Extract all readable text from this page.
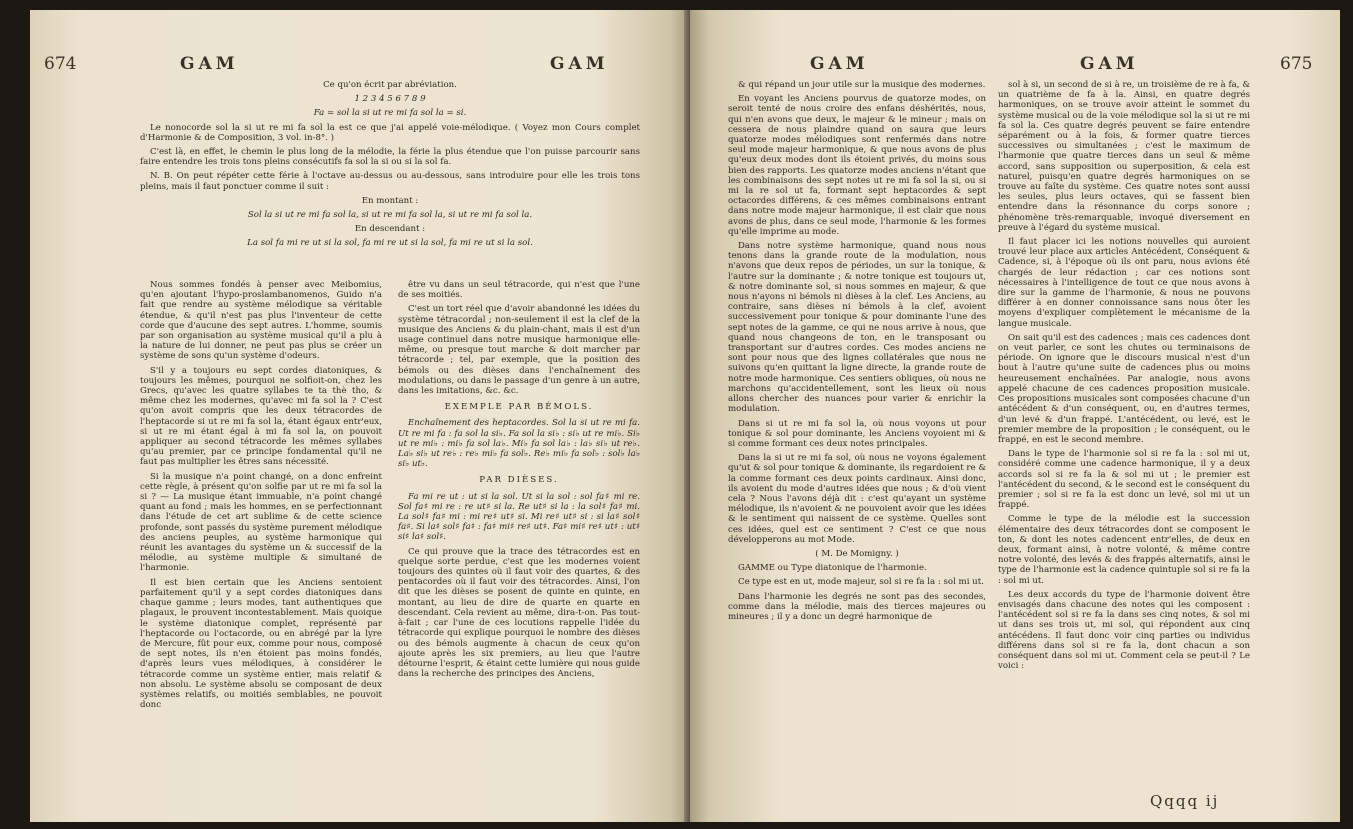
674	GAM	GAM

Ce qu'on écrit par abréviation.

1 2 3 4 5 6 7 8 9

Fa = sol la si ut re mi fa sol la = si.

Le nonocorde sol la si ut re mi fa sol la est ce que j'ai appelé voie-mélodique. ( Voyez mon Cours complet d'Harmonie & de Composition, 3 vol. in-8°. )

C'est là, en effet, le chemin le plus long de la mélodie, la férie la plus étendue que l'on puisse parcourir sans faire entendre les trois tons pleins consécutifs fa sol la si ou si la sol fa.

N. B. On peut répéter cette férie à l'octave au-dessus ou au-dessous, sans introduire pour elle les trois tons pleins, mais il faut ponctuer comme il suit :

En montant :

Sol la si ut re mi fa sol la, si ut re mi fa sol la, si ut re mi fa sol la.

En descendant :

La sol fa mi re ut si la sol, fa mi re ut si la sol, fa mi re ut si la sol.

Nous sommes fondés à penser avec Meibomius, qu'en ajoutant l'hypo-proslambanomenos, Guido n'a fait que rendre au système mélodique sa véritable étendue, & qu'il n'est pas plus l'inventeur de cette corde que d'aucune des sept autres. L'homme, soumis par son organisation au système musical qu'il a plu à la nature de lui donner, ne peut pas plus se créer un système de sons qu'un système d'odeurs.

S'il y a toujours eu sept cordes diatoniques, & toujours les mêmes, pourquoi ne solfioit-on, chez les Grecs, qu'avec les quatre syllabes te ta thè tho, & même chez les modernes, qu'avec mi fa sol la ? C'est qu'on avoit compris que les deux tétracordes de l'heptacorde si ut re mi fa sol la, étant égaux entr'eux, si ut re mi étant égal à mi fa sol la, on pouvoit appliquer au second tétracorde les mêmes syllabes qu'au premier, par ce principe fondamental qu'il ne faut pas multiplier les êtres sans nécessité.

Si la musique n'a point changé, on a donc enfreint cette règle, à présent qu'on solfie par ut re mi fa sol la si ? — La musique étant immuable, n'a point changé quant au fond ; mais les hommes, en se perfectionnant dans l'étude de cet art sublime & de cette science profonde, sont passés du système purement mélodique des anciens peuples, au système harmonique qui réunit les avantages du système un & successif de la mélodie, au système multiple & simultané de l'harmonie.

Il est bien certain que les Anciens sentoient parfaitement qu'il y a sept cordes diatoniques dans chaque gamme ; leurs modes, tant authentiques que plagaux, le prouvent incontestablement. Mais quoique le système diatonique complet, représenté par l'heptacorde ou l'octacorde, ou en abrégé par la lyre de Mercure, fût pour eux, comme pour nous, composé de sept notes, ils n'en étoient pas moins fondés, d'après leurs vues mélodiques, à considérer le tétracorde comme un système entier, mais relatif & non absolu. Le système absolu se composant de deux systèmes relatifs, ou moitiés semblables, ne pouvoit donc

être vu dans un seul tétracorde, qui n'est que l'une de ses moitiés.

C'est un tort réel que d'avoir abandonné les idées du système tétracordal ; non-seulement il est la clef de la musique des Anciens & du plain-chant, mais il est d'un usage continuel dans notre musique harmonique elle-même, ou presque tout marche & doit marcher par tétracorde ; tel, par exemple, que la position des bémols ou des dièses dans l'enchaînement des modulations, ou dans le passage d'un genre à un autre, dans les imitations, &c. &c.

EXEMPLE PAR BÉMOLS.

Enchaînement des heptacordes. Sol la si ut re mi fa. Ut re mi fa : fa sol la si♭. Fa sol la si♭ : si♭ ut re mi♭. Si♭ ut re mi♭ : mi♭ fa sol la♭. Mi♭ fa sol la♭ : la♭ si♭ ut re♭. La♭ si♭ ut re♭ : re♭ mi♭ fa sol♭. Re♭ mi♭ fa sol♭ : sol♭ la♭ si♭ ut♭.

PAR DIÈSES.

Fa mi re ut : ut si la sol. Ut si la sol : sol fa♯ mi re. Sol fa♯ mi re : re ut♯ si la. Re ut♯ si la : la sol♯ fa♯ mi. La sol♯ fa♯ mi : mi re♯ ut♯ si. Mi re♯ ut♯ si : si la♯ sol♯ fa♯. Si la♯ sol♯ fa♯ : fa♯ mi♯ re♯ ut♯. Fa♯ mi♯ re♯ ut♯ : ut♯ si♯ la♯ sol♯.

Ce qui prouve que la trace des tétracordes est en quelque sorte perdue, c'est que les modernes voient toujours des quintes où il faut voir des quartes, & des pentacordes où il faut voir des tétracordes. Ainsi, l'on dit que les dièses se posent de quinte en quinte, en montant, au lieu de dire de quarte en quarte en descendant. Cela revient au même, dira-t-on. Pas tout-à-fait ; car l'une de ces locutions rappelle l'idée du tétracorde qui explique pourquoi le nombre des dièses ou des bémols augmente à chacun de ceux qu'on ajoute après les six premiers, au lieu que l'autre détourne l'esprit, & étaint cette lumière qui nous guide dans la recherche des principes des Anciens,

GAM	GAM	675

& qui répand un jour utile sur la musique des modernes.

En voyant les Anciens pourvus de quatorze modes, on seroit tenté de nous croire des enfans déshérités, nous, qui n'en avons que deux, le majeur & le mineur ; mais on cessera de nous plaindre quand on saura que leurs quatorze modes mélodiques sont renfermés dans notre seul mode majeur harmonique, & que nous avons de plus qu'eux deux modes dont ils étoient privés, du moins sous bien des rapports. Les quatorze modes anciens n'étant que les combinaisons des sept notes ut re mi fa sol la si, ou si mi la re sol ut fa, formant sept heptacordes & sept octacordes différens, & ces mêmes combinaisons entrant dans notre mode majeur harmonique, il est clair que nous avons de plus, dans ce seul mode, l'harmonie & les formes qu'elle imprime au mode.

Dans notre système harmonique, quand nous nous tenons dans la grande route de la modulation, nous n'avons que deux repos de périodes, un sur la tonique, & l'autre sur la dominante ; & notre tonique est toujours ut, & notre dominante sol, si nous sommes en majeur, & que nous n'ayons ni bémols ni dièses à la clef. Les Anciens, au contraire, sans dièses ni bémols à la clef, avoient successivement pour tonique & pour dominante l'une des sept notes de la gamme, ce qui ne nous arrive à nous, que quand nous changeons de ton, en le transposant ou transportant sur d'autres cordes. Ces modes anciens ne sont pour nous que des lignes collatérales que nous ne suivons qu'en quittant la ligne directe, la grande route de notre mode harmonique. Ces sentiers obliques, où nous ne marchons qu'accidentellement, sont les lieux où nous allons chercher des nuances pour varier & enrichir la modulation.

Dans si ut re mi fa sol la, où nous voyons ut pour tonique & sol pour dominante, les Anciens voyoient mi & si comme formant ces deux notes principales.

Dans la si ut re mi fa sol, où nous ne voyons également qu'ut & sol pour tonique & dominante, ils regardoient re & la comme formant ces deux points cardinaux. Ainsi donc, ils avoient du mode d'autres idées que nous ; & d'où vient cela ? Nous l'avons déjà dit : c'est qu'ayant un système mélodique, ils n'avoient & ne pouvoient avoir que les idées & le sentiment qui naissent de ce système. Quelles sont ces idées, quel est ce sentiment ? C'est ce que nous développerons au mot Mode.

( M. De Momigny. )

GAMME ou Type diatonique de l'harmonie.

Ce type est en ut, mode majeur, sol si re fa la : sol mi ut.

Dans l'harmonie les degrés ne sont pas des secondes, comme dans la mélodie, mais des tierces majeures ou mineures ; il y a donc un degré harmonique de

sol à si, un second de si à re, un troisième de re à fa, & un quatrième de fa à la. Ainsi, en quatre degrés harmoniques, on se trouve avoir atteint le sommet du système musical ou de la voie mélodique sol la si ut re mi fa sol la. Ces quatre degrés peuvent se faire entendre séparément ou à la fois, & former quatre tierces successives ou simultanées ; c'est le maximum de l'harmonie que quatre tierces dans un seul & même accord, sans supposition ou superposition, & cela est naturel, puisqu'en quatre degrés harmoniques on se trouve au faîte du système. Ces quatre notes sont aussi les seules, plus leurs octaves, qui se fassent bien entendre dans la résonnance du corps sonore ; phénomène très-remarquable, invoqué diversement en preuve à l'égard du système musical.

Il faut placer ici les notions nouvelles qui auroient trouvé leur place aux articles Antécédent, Conséquent & Cadence, si, à l'époque où ils ont paru, nous avions été chargés de leur rédaction ; car ces notions sont nécessaires à l'intelligence de tout ce que nous avons à dire sur la gamme de l'harmonie, & nous ne pouvons différer à en donner connoissance sans nous ôter les moyens d'expliquer complètement le mécanisme de la langue musicale.

On sait qu'il est des cadences ; mais ces cadences dont on veut parler, ce sont les chutes ou terminaisons de période. On ignore que le discours musical n'est d'un bout à l'autre qu'une suite de cadences plus ou moins heureusement enchaînées. Par analogie, nous avons appelé chacune de ces cadences proposition musicale. Ces propositions musicales sont composées chacune d'un antécédent & d'un conséquent, ou, en d'autres termes, d'un levé & d'un frappé. L'antécédent, ou levé, est le premier membre de la proposition ; le conséquent, ou le frappé, en est le second membre.

Dans le type de l'harmonie sol si re fa la : sol mi ut, considéré comme une cadence harmonique, il y a deux accords sol si re fa la & sol mi ut ; le premier est l'antécédent du second, & le second est le conséquent du premier ; sol si re fa la est donc un levé, sol mi ut un frappé.

Comme le type de la mélodie est la succession élémentaire des deux tétracordes dont se composent le ton, & dont les notes cadencent entr'elles, de deux en deux, formant ainsi, à notre volonté, & même contre notre volonté, des levés & des frappés alternatifs, ainsi le type de l'harmonie est la cadence quintuple sol si re fa la : sol mi ut.

Les deux accords du type de l'harmonie doivent être envisagés dans chacune des notes qui les composent : l'antécédent sol si re fa la dans ses cinq notes, & sol mi ut dans ses trois ut, mi sol, qui répondent aux cinq antécédens. Il faut donc voir cinq parties ou individus différens dans sol si re fa la, dont chacun a son conséquent dans sol mi ut. Comment cela se peut-il ? Le voici :

Qqqq ij
